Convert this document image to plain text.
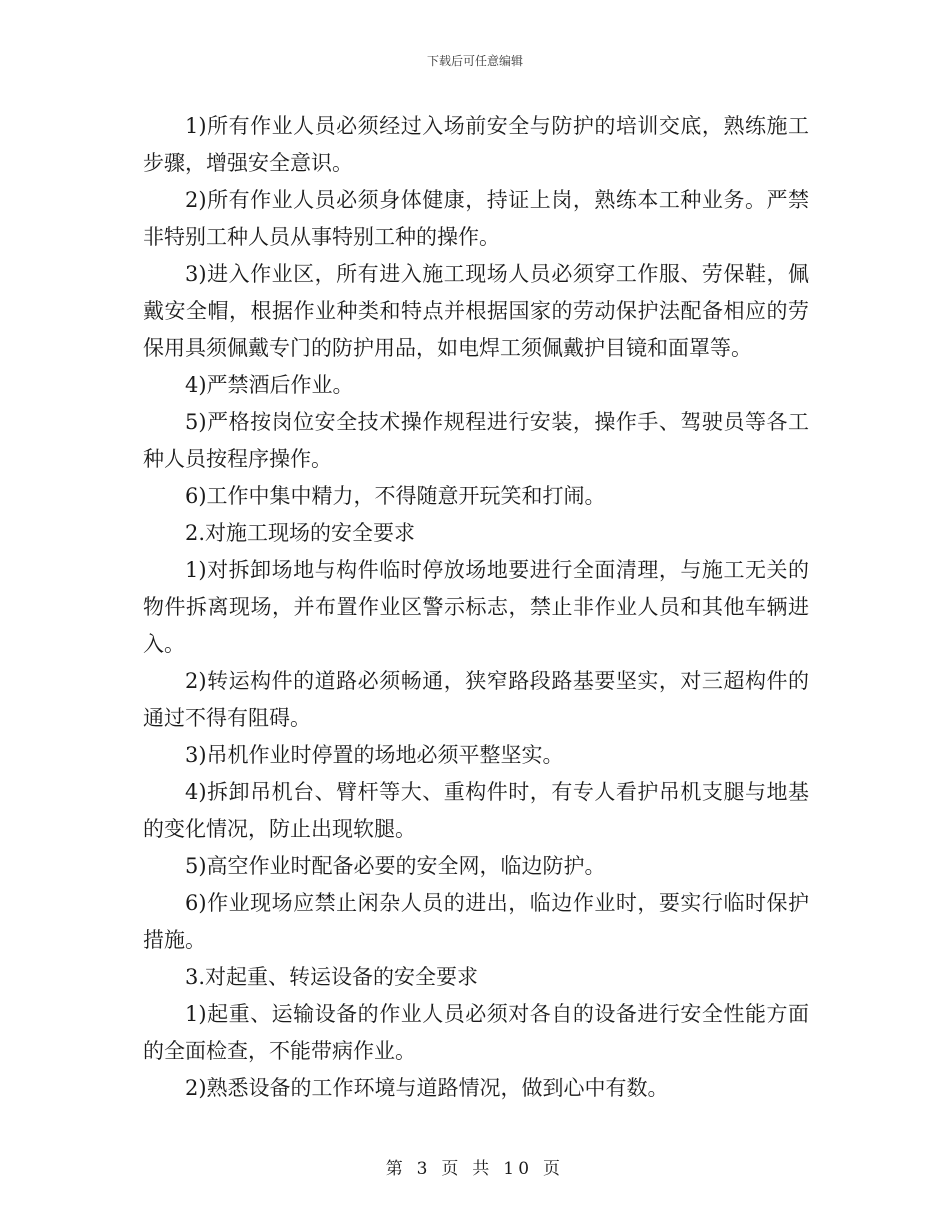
下载后可任意编辑

1)所有作业人员必须经过入场前安全与防护的培训交底，熟练施工步骤，增强安全意识。

2)所有作业人员必须身体健康，持证上岗，熟练本工种业务。严禁非特别工种人员从事特别工种的操作。

3)进入作业区，所有进入施工现场人员必须穿工作服、劳保鞋，佩戴安全帽，根据作业种类和特点并根据国家的劳动保护法配备相应的劳保用具须佩戴专门的防护用品，如电焊工须佩戴护目镜和面罩等。

4)严禁酒后作业。

5)严格按岗位安全技术操作规程进行安装，操作手、驾驶员等各工种人员按程序操作。

6)工作中集中精力，不得随意开玩笑和打闹。

2.对施工现场的安全要求

1)对拆卸场地与构件临时停放场地要进行全面清理，与施工无关的物件拆离现场，并布置作业区警示标志，禁止非作业人员和其他车辆进入。

2)转运构件的道路必须畅通，狭窄路段路基要坚实，对三超构件的通过不得有阻碍。

3)吊机作业时停置的场地必须平整坚实。

4)拆卸吊机台、臂杆等大、重构件时，有专人看护吊机支腿与地基的变化情况，防止出现软腿。

5)高空作业时配备必要的安全网，临边防护。

6)作业现场应禁止闲杂人员的进出，临边作业时，要实行临时保护措施。

3.对起重、转运设备的安全要求

1)起重、运输设备的作业人员必须对各自的设备进行安全性能方面的全面检查，不能带病作业。

2)熟悉设备的工作环境与道路情况，做到心中有数。

第 3 页 共 10 页
